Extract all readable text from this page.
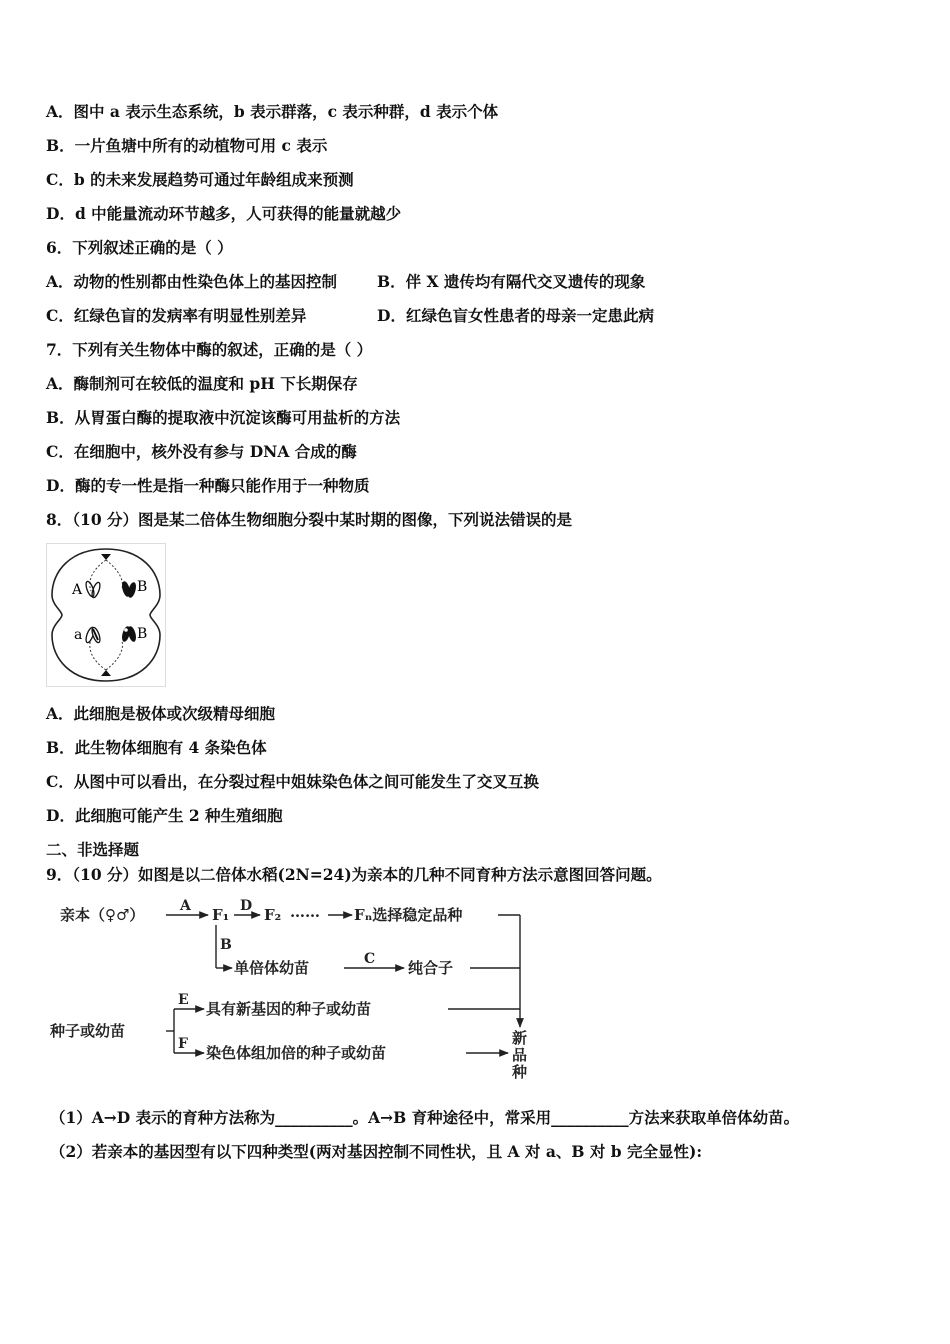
A．图中 a 表示生态系统，b 表示群落，c 表示种群，d 表示个体
B．一片鱼塘中所有的动植物可用 c 表示
C．b 的未来发展趋势可通过年龄组成来预测
D．d 中能量流动环节越多，人可获得的能量就越少
6．下列叙述正确的是（ ）
A．动物的性别都由性染色体上的基因控制	B．伴 X 遗传均有隔代交叉遗传的现象
C．红绿色盲的发病率有明显性别差异	D．红绿色盲女性患者的母亲一定患此病
7．下列有关生物体中酶的叙述，正确的是（ ）
A．酶制剂可在较低的温度和 pH 下长期保存
B．从胃蛋白酶的提取液中沉淀该酶可用盐析的方法
C．在细胞中，核外没有参与 DNA 合成的酶
D．酶的专一性是指一种酶只能作用于一种物质
8．（10 分）图是某二倍体生物细胞分裂中某时期的图像，下列说法错误的是
A	B
a	B
A．此细胞是极体或次级精母细胞
B．此生物体细胞有 4 条染色体
C．从图中可以看出，在分裂过程中姐妹染色体之间可能发生了交叉互换
D．此细胞可能产生 2 种生殖细胞
二、非选择题
9．（10 分）如图是以二倍体水稻(2N=24)为亲本的几种不同育种方法示意图回答问题。
亲本（♀♂）	A F₁ D F₂ …… Fₙ选择稳定品种
B
单倍体幼苗	C 纯合子
种子或幼苗
E 具有新基因的种子或幼苗
F 染色体组加倍的种子或幼苗
新
品
种
（1）A→D 表示的育种方法称为__________。A→B 育种途径中，常采用__________方法来获取单倍体幼苗。
（2）若亲本的基因型有以下四种类型(两对基因控制不同性状，且 A 对 a、B 对 b 完全显性):
